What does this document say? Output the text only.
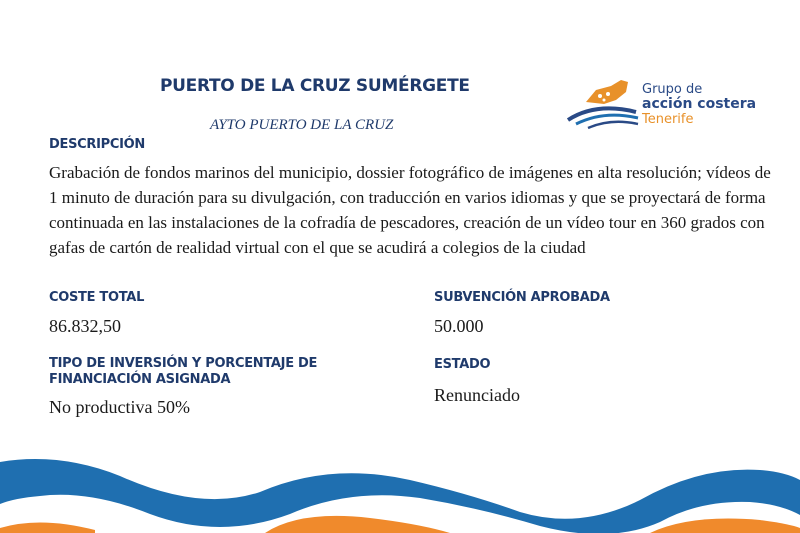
PUERTO DE LA CRUZ SUMÉRGETE
AYTO PUERTO DE LA CRUZ
Grupo de
acción costera
Tenerife
DESCRIPCIÓN
Grabación de fondos marinos del municipio, dossier fotográfico de imágenes en alta resolución; vídeos de 1 minuto de duración para su divulgación, con traducción en varios idiomas y que se proyectará de forma continuada en las instalaciones de la cofradía de pescadores, creación de un vídeo tour en 360 grados con gafas de cartón de realidad virtual con el que se acudirá a colegios de la ciudad
COSTE TOTAL
86.832,50
SUBVENCIÓN APROBADA
50.000
TIPO DE INVERSIÓN Y PORCENTAJE DE FINANCIACIÓN ASIGNADA
No productiva 50%
ESTADO
Renunciado
